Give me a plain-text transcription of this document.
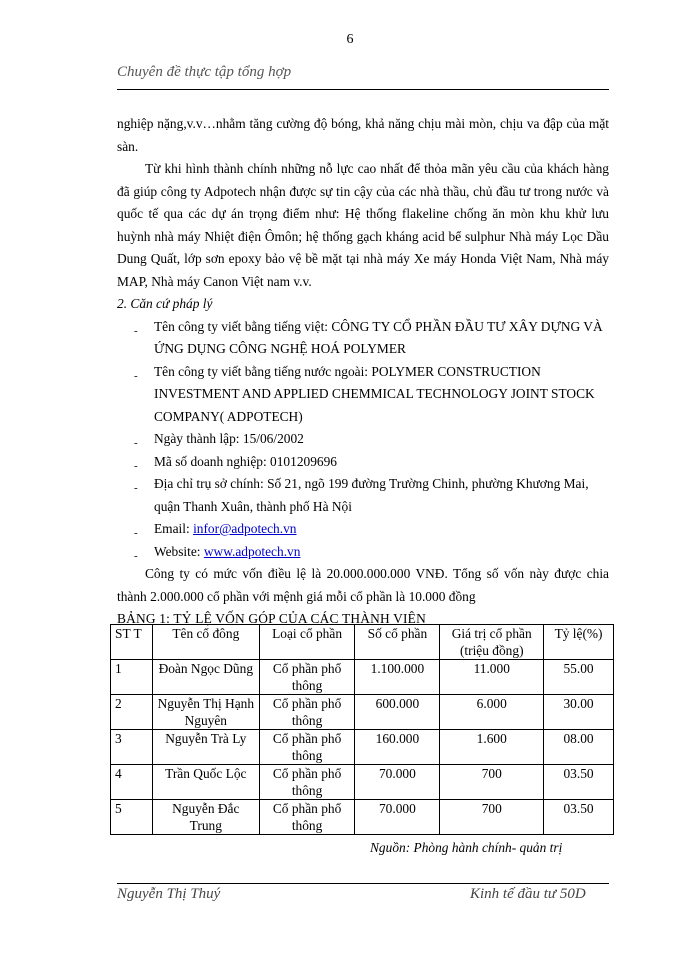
6
Chuyên đề thực tập tổng hợp

nghiệp nặng,v.v…nhằm tăng cường độ bóng, khả năng chịu mài mòn, chịu va đập của mặt sàn.

Từ khi hình thành chính những nỗ lực cao nhất để thỏa mãn yêu cầu của khách hàng đã giúp công ty Adpotech nhận được sự tin cậy của các nhà thầu, chủ đầu tư trong nước và quốc tế qua các dự án trọng điểm như: Hệ thống flakeline chống ăn mòn khu khử lưu huỳnh nhà máy Nhiệt điện Ômôn; hệ thống gạch kháng acid bể sulphur Nhà máy Lọc Dầu Dung Quất, lớp sơn epoxy bảo vệ bề mặt tại nhà máy Xe máy Honda Việt Nam, Nhà máy MAP, Nhà máy Canon Việt nam v.v.

2. Căn cứ pháp lý

- Tên công ty viết bằng tiếng việt: CÔNG TY CỔ PHẦN ĐẦU TƯ XÂY DỰNG VÀ ỨNG DỤNG CÔNG NGHỆ HOÁ POLYMER
- Tên công ty viết bằng tiếng nước ngoài: POLYMER CONSTRUCTION INVESTMENT AND APPLIED CHEMMICAL TECHNOLOGY JOINT STOCK COMPANY( ADPOTECH)
- Ngày thành lập: 15/06/2002
- Mã số doanh nghiệp: 0101209696
- Địa chỉ trụ sở chính: Số 21, ngõ 199 đường Trường Chinh, phường Khương Mai, quận Thanh Xuân, thành phố Hà Nội
- Email: infor@adpotech.vn
- Website: www.adpotech.vn

Công ty có mức vốn điều lệ là 20.000.000.000 VNĐ. Tổng số vốn này được chia thành 2.000.000 cổ phần với mệnh giá mỗi cổ phần là 10.000 đồng

BẢNG 1: TỶ LỆ VỐN GÓP CỦA CÁC THÀNH VIÊN

ST T	Tên cổ đông	Loại cổ phần	Số cổ phần	Giá trị cổ phần (triệu đồng)	Tỷ lệ(%)
1	Đoàn Ngọc Dũng	Cổ phần phổ thông	1.100.000	11.000	55.00
2	Nguyễn Thị Hạnh Nguyên	Cổ phần phổ thông	600.000	6.000	30.00
3	Nguyễn Trà Ly	Cổ phần phổ thông	160.000	1.600	08.00
4	Trần Quốc Lộc	Cổ phần phổ thông	70.000	700	03.50
5	Nguyễn Đắc Trung	Cổ phần phổ thông	70.000	700	03.50
Nguồn: Phòng hành chính- quản trị
Nguyễn Thị Thuý	Kinh tế đầu tư 50D
